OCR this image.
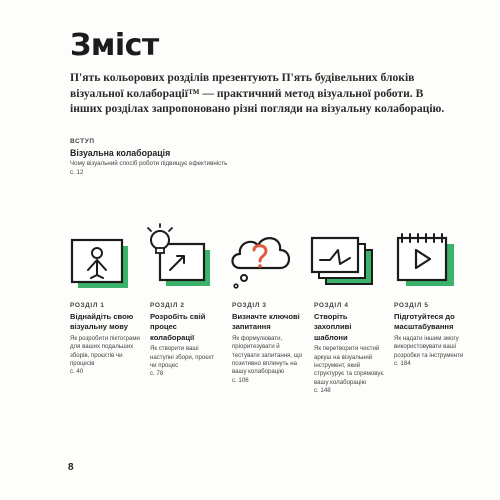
Зміст
П'ять кольорових розділів презентують П'ять будівельних блоків візуальної колаборації™ — практичний метод візуальної роботи. В інших розділах запропоновано різні погляди на візуальну колаборацію.
ВСТУП
Візуальна колаборація
Чому візуальний спосіб роботи підвищує ефективність
с. 12
РОЗДІЛ 1
Віднайдіть свою візуальну мову
Як розробити піктограми для ваших подальших зборів, проєктів чи процесів
с. 40
РОЗДІЛ 2
Розробіть свій процес колаборації
Як створити ваші наступні збори, проєкт чи процес
с. 78
РОЗДІЛ 3
Визначте ключові запитання
Як формулювати, пріоритезувати й тестувати запитання, що позитивно вплинуть на вашу колаборацію
с. 106
РОЗДІЛ 4
Створіть захопливі шаблони
Як перетворити чистий аркуш на візуальний інструмент, який структурує та спрямовує вашу колаборацію
с. 148
РОЗДІЛ 5
Підготуйтеся до масштабування
Як надати іншим змогу використовувати ваші розробки та інструменти
с. 184
8
